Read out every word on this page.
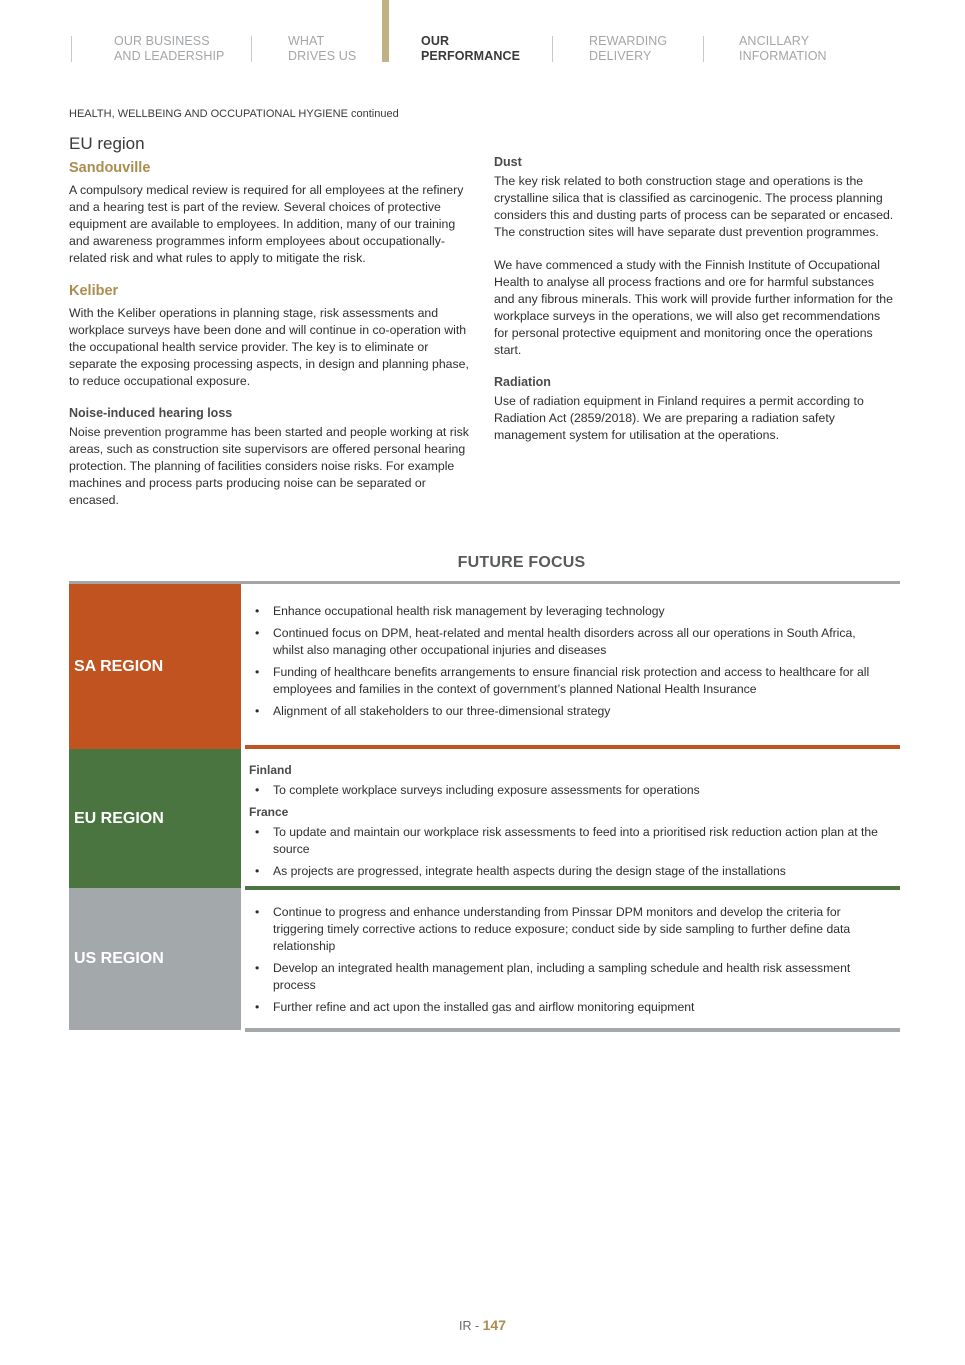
OUR BUSINESS
AND LEADERSHIP
WHAT
DRIVES US
OUR
PERFORMANCE
REWARDING
DELIVERY
ANCILLARY
INFORMATION
HEALTH, WELLBEING AND OCCUPATIONAL HYGIENE continued
EU region
Sandouville

A compulsory medical review is required for all employees at the refinery and a hearing test is part of the review. Several choices of protective equipment are available to employees. In addition, many of our training and awareness programmes inform employees about occupationally-related risk and what rules to apply to mitigate the risk.

Keliber

With the Keliber operations in planning stage, risk assessments and workplace surveys have been done and will continue in co-operation with the occupational health service provider. The key is to eliminate or separate the exposing processing aspects, in design and planning phase, to reduce occupational exposure.

Noise-induced hearing loss

Noise prevention programme has been started and people working at risk areas, such as construction site supervisors are offered personal hearing protection. The planning of facilities considers noise risks. For example machines and process parts producing noise can be separated or encased.

Dust

The key risk related to both construction stage and operations is the crystalline silica that is classified as carcinogenic. The process planning considers this and dusting parts of process can be separated or encased. The construction sites will have separate dust prevention programmes.

We have commenced a study with the Finnish Institute of Occupational Health to analyse all process fractions and ore for harmful substances and any fibrous minerals. This work will provide further information for the workplace surveys in the operations, we will also get recommendations for personal protective equipment and monitoring once the operations start.

Radiation

Use of radiation equipment in Finland requires a permit according to Radiation Act (2859/2018). We are preparing a radiation safety management system for utilisation at the operations.

FUTURE FOCUS
SA REGION
• Enhance occupational health risk management by leveraging technology
• Continued focus on DPM, heat-related and mental health disorders across all our operations in South Africa, whilst also managing other occupational injuries and diseases
• Funding of healthcare benefits arrangements to ensure financial risk protection and access to healthcare for all employees and families in the context of government’s planned National Health Insurance
• Alignment of all stakeholders to our three-dimensional strategy
EU REGION
Finland
• To complete workplace surveys including exposure assessments for operations
France
• To update and maintain our workplace risk assessments to feed into a prioritised risk reduction action plan at the source
• As projects are progressed, integrate health aspects during the design stage of the installations
US REGION
• Continue to progress and enhance understanding from Pinssar DPM monitors and develop the criteria for triggering timely corrective actions to reduce exposure; conduct side by side sampling to further define data relationship
• Develop an integrated health management plan, including a sampling schedule and health risk assessment process
• Further refine and act upon the installed gas and airflow monitoring equipment
IR - 147
